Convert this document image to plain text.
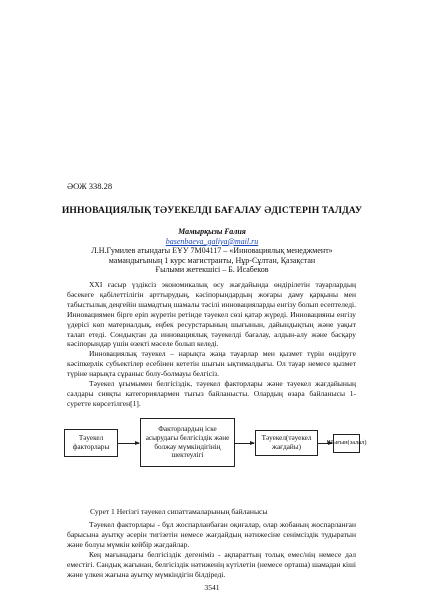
ӘОЖ 338.28
ИННОВАЦИЯЛЫҚ ТӘУЕКЕЛДІ БАҒАЛАУ ӘДІСТЕРІН ТАЛДАУ
Мамырқызы Ғалия
basenbaeva_galiya@mail.ru
Л.Н.Гумилев атындағы ЕҰУ 7M04117 – «Инновациялық менеджмент»
мамандығының 1 курс магистранты, Нұр-Сұлтан, Қазақстан
Ғылыми жетекшісі – Б. Исабеков

XXI ғасыр үздіксіз экономикалық өсу жағдайында өндірілетін тауарлардың бәсекеге қабілеттілігін арттырудың, кәсіпорындардың жоғары даму қарқыны мен табыстылық деңгейін шамадтың шамалы тәсілі инновацияларды енгізу болып есептеледі. Инновациямен бірге еріп жүретін ретінде тәуекел сөзі қатар жүреді. Инновацияны енгізу үдерісі көп материалдық, еңбек ресурстарының шығынын, дайындықтың және уақыт талап етеді. Сондықтан да инновациялық тәуекелді бағалау, алдын-алу және басқару кәсіпорындар үшін өзекті мәселе болып келеді.

Инновациялық тәуекел – нарықта жаңа тауарлар мен қызмет түрін өндіруге кәсіпкерлік субъектілер есебінен кететін шығын ықтималдығы. Ол тауар немесе қызмет түріне нарықта сұраныс болу-болмауы белгісіз.

Тәуекел ұғымымен белгісіздік, тәуекел факторлары және тәуекел жағдайының салдары сияқты категориялармен тығыз байланысты. Олардың өзара байланысы 1-суретте көрсетілген[1].

Тәуекел факторлары
Факторлардың іске асырудағы белгісіздік және болжау мүмкіндігінің шектеулігі
Тәуекел(тәуекел жағдайы)
Шығын(залал)
Сурет 1 Негізгі тәуекел сипаттамаларының байланысы

Тәуекел факторлары - бұл жоспарланбаған оқиғалар, олар жобаның жоспарланған барысына ауытқу әсерін тигізетін немесе жағдайдың нәтижесіне сенімсіздік тудыратын және болуы мүмкін кейбір жағдайлар.

Кең мағынадағы белгісіздік дегеніміз - ақпараттың толық емес/нің немесе дәл еместігі. Сандық жағынан, белгісіздік нәтиженің күтілетін (немесе орташа) шамадан кіші және үлкен жағына ауытқу мүмкіндігін білдіреді.

3541
